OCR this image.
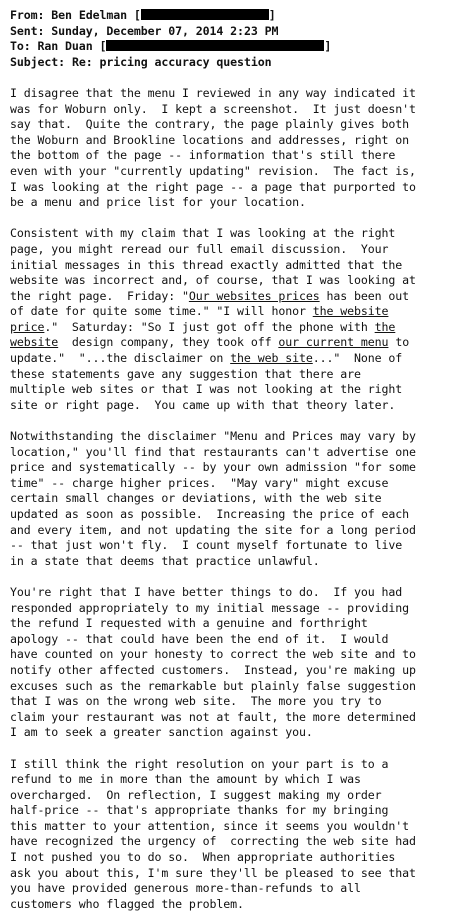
From: Ben Edelman [  ]
Sent: Sunday, December 07, 2014 2:23 PM
To: Ran Duan [  ]
Subject: Re: pricing accuracy question
I disagree that the menu I reviewed in any way indicated it
was for Woburn only.  I kept a screenshot.  It just doesn't
say that.  Quite the contrary, the page plainly gives both
the Woburn and Brookline locations and addresses, right on
the bottom of the page -- information that's still there
even with your "currently updating" revision.  The fact is,
I was looking at the right page -- a page that purported to
be a menu and price list for your location.
Consistent with my claim that I was looking at the right
page, you might reread our full email discussion.  Your
initial messages in this thread exactly admitted that the
website was incorrect and, of course, that I was looking at
the right page.  Friday: "Our websites prices has been out
of date for quite some time." "I will honor the website
price."  Saturday: "So I just got off the phone with the
website  design company, they took off our current menu to
update."  "...the disclaimer on the web site..."  None of
these statements gave any suggestion that there are
multiple web sites or that I was not looking at the right
site or right page.  You came up with that theory later.
Notwithstanding the disclaimer "Menu and Prices may vary by
location," you'll find that restaurants can't advertise one
price and systematically -- by your own admission "for some
time" -- charge higher prices.  "May vary" might excuse
certain small changes or deviations, with the web site
updated as soon as possible.  Increasing the price of each
and every item, and not updating the site for a long period
-- that just won't fly.  I count myself fortunate to live
in a state that deems that practice unlawful.
You're right that I have better things to do.  If you had
responded appropriately to my initial message -- providing
the refund I requested with a genuine and forthright
apology -- that could have been the end of it.  I would
have counted on your honesty to correct the web site and to
notify other affected customers.  Instead, you're making up
excuses such as the remarkable but plainly false suggestion
that I was on the wrong web site.  The more you try to
claim your restaurant was not at fault, the more determined
I am to seek a greater sanction against you.
I still think the right resolution on your part is to a
refund to me in more than the amount by which I was
overcharged.  On reflection, I suggest making my order
half-price -- that's appropriate thanks for my bringing
this matter to your attention, since it seems you wouldn't
have recognized the urgency of  correcting the web site had
I not pushed you to do so.  When appropriate authorities
ask you about this, I'm sure they'll be pleased to see that
you have provided generous more-than-refunds to all
customers who flagged the problem.
